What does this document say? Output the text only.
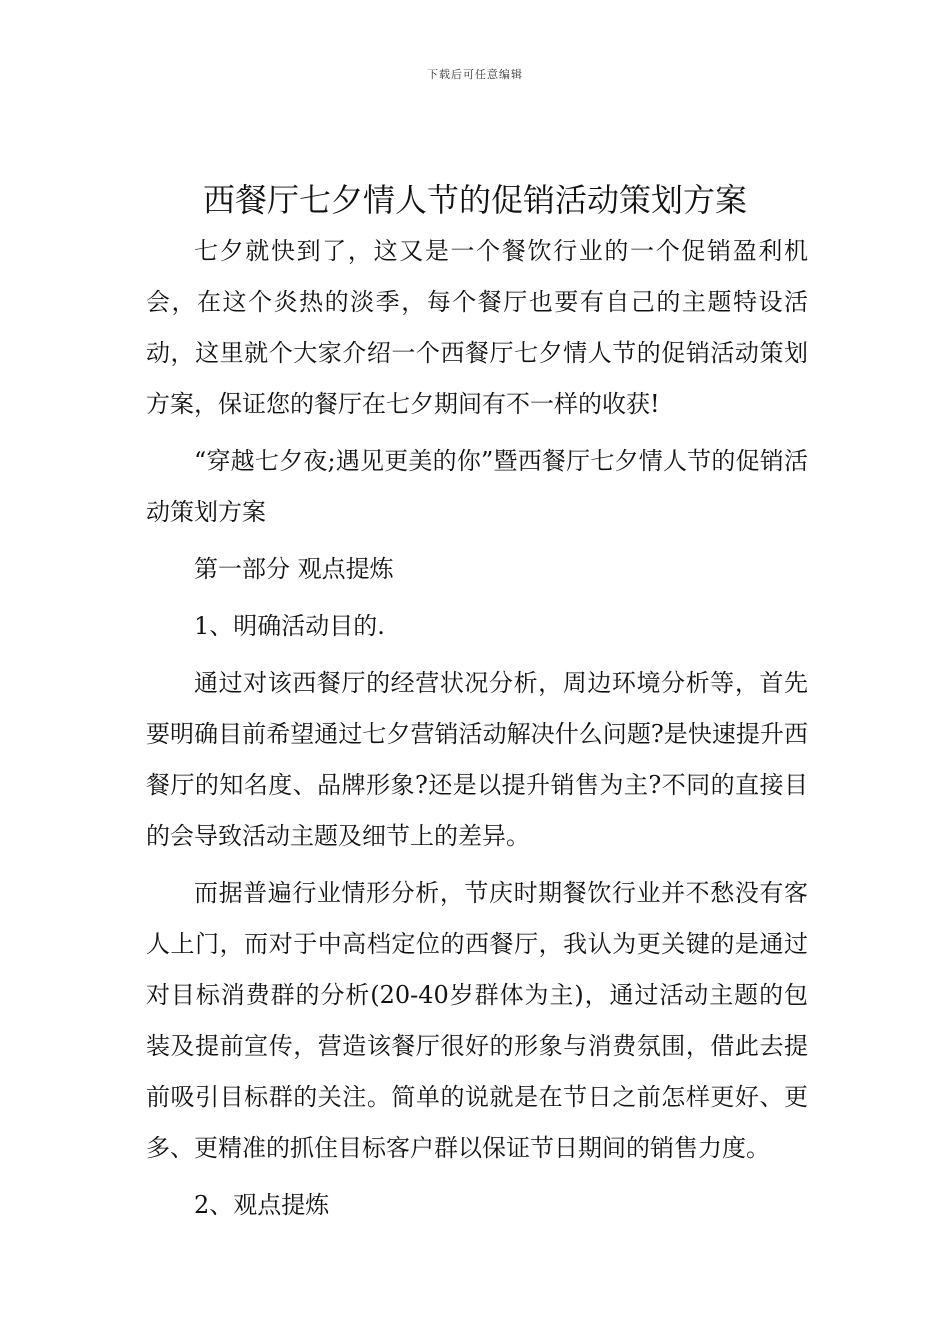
下载后可任意编辑
西餐厅七夕情人节的促销活动策划方案

七夕就快到了，这又是一个餐饮行业的一个促销盈利机会，在这个炎热的淡季，每个餐厅也要有自己的主题特设活动，这里就个大家介绍一个西餐厅七夕情人节的促销活动策划方案，保证您的餐厅在七夕期间有不一样的收获!

“穿越七夕夜;遇见更美的你”暨西餐厅七夕情人节的促销活动策划方案

第一部分 观点提炼

1、明确活动目的.

通过对该西餐厅的经营状况分析，周边环境分析等，首先要明确目前希望通过七夕营销活动解决什么问题?是快速提升西餐厅的知名度、品牌形象?还是以提升销售为主?不同的直接目的会导致活动主题及细节上的差异。

而据普遍行业情形分析，节庆时期餐饮行业并不愁没有客人上门，而对于中高档定位的西餐厅，我认为更关键的是通过对目标消费群的分析(20-40岁群体为主)，通过活动主题的包装及提前宣传，营造该餐厅很好的形象与消费氛围，借此去提前吸引目标群的关注。简单的说就是在节日之前怎样更好、更多、更精准的抓住目标客户群以保证节日期间的销售力度。

2、观点提炼
